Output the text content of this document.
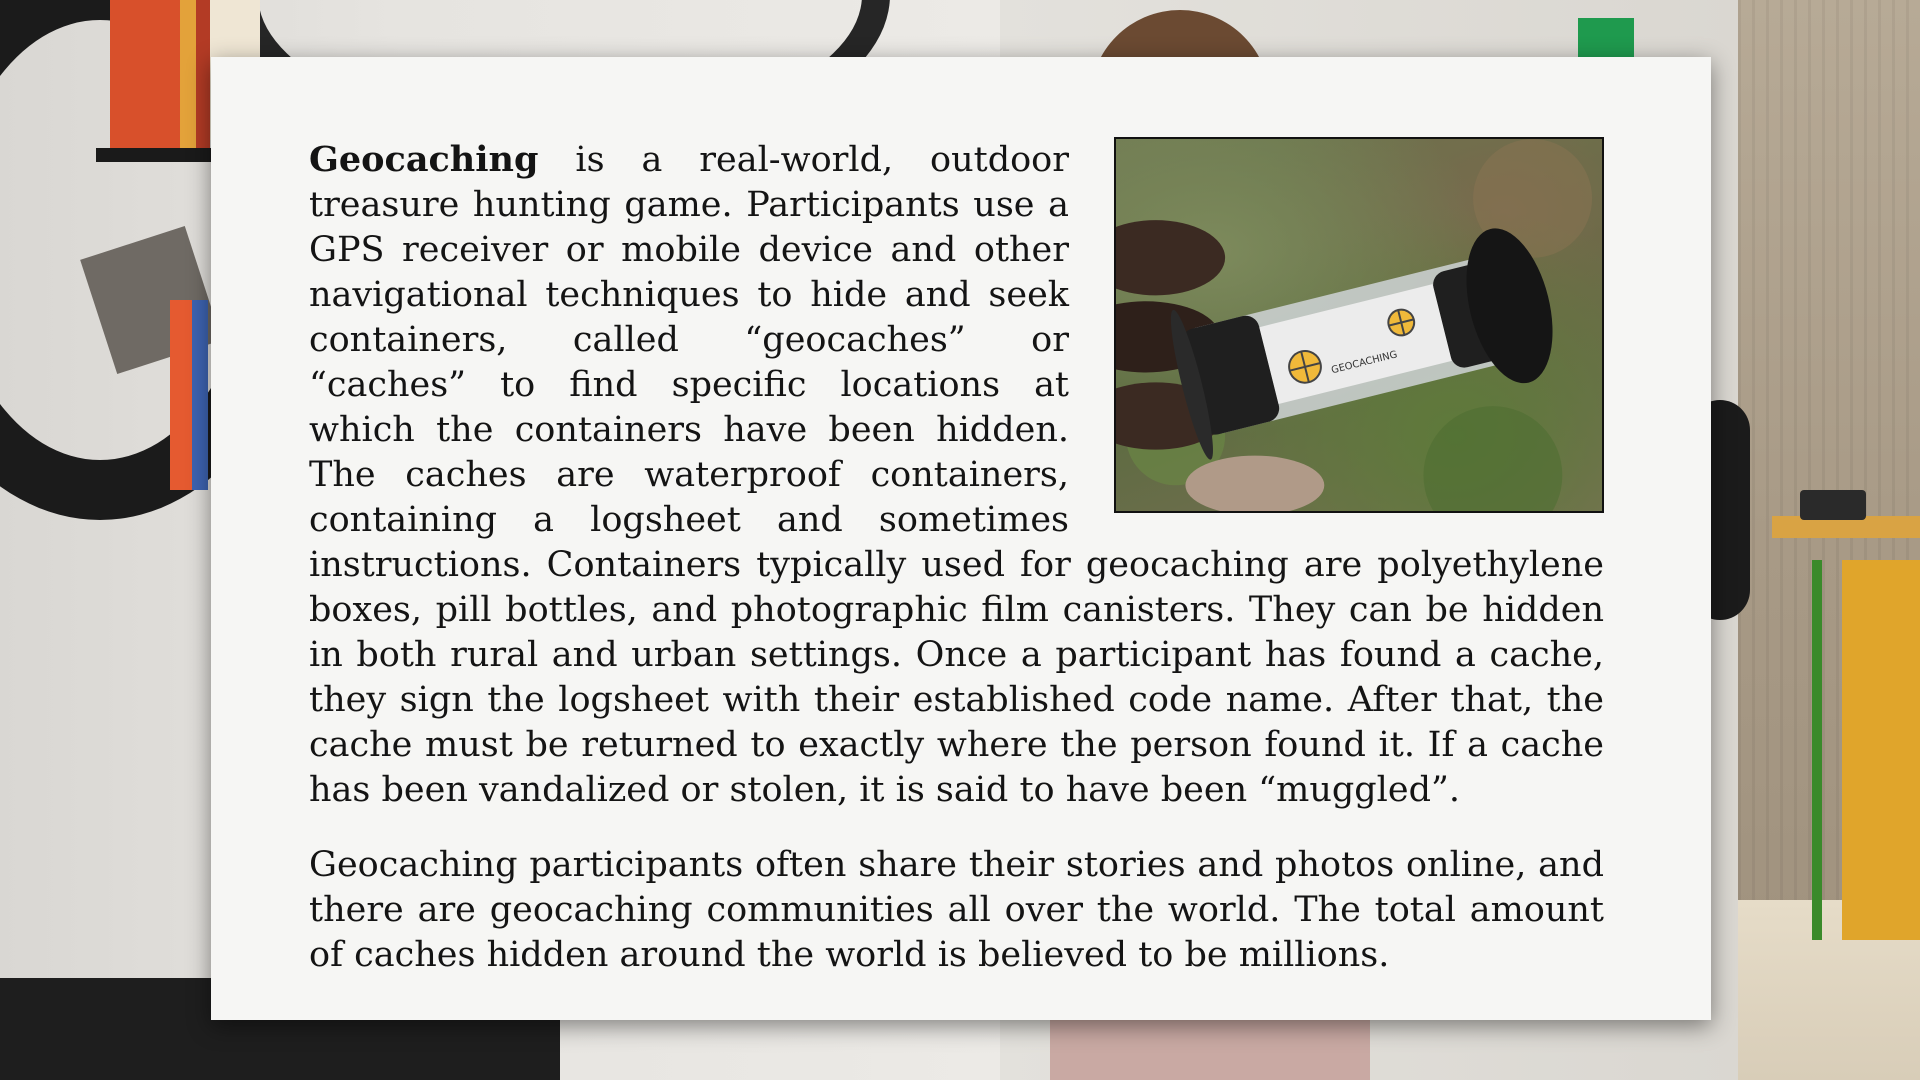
GEOCACHING

Geocaching is a real-world, outdoor treasure hunting game. Participants use a GPS receiver or mobile device and other navigational techniques to hide and seek containers, called “geocaches” or “caches” to find specific locations at which the containers have been hidden. The caches are waterproof containers, containing a logsheet and sometimes instructions. Containers typically used for geocaching are polyethylene boxes, pill bottles, and photographic film canisters. They can be hidden in both rural and urban settings. Once a participant has found a cache, they sign the logsheet with their established code name. After that, the cache must be returned to exactly where the person found it. If a cache has been vandalized or stolen, it is said to have been “muggled”.

Geocaching participants often share their stories and photos online, and there are geocaching communities all over the world. The total amount of caches hidden around the world is believed to be millions.
